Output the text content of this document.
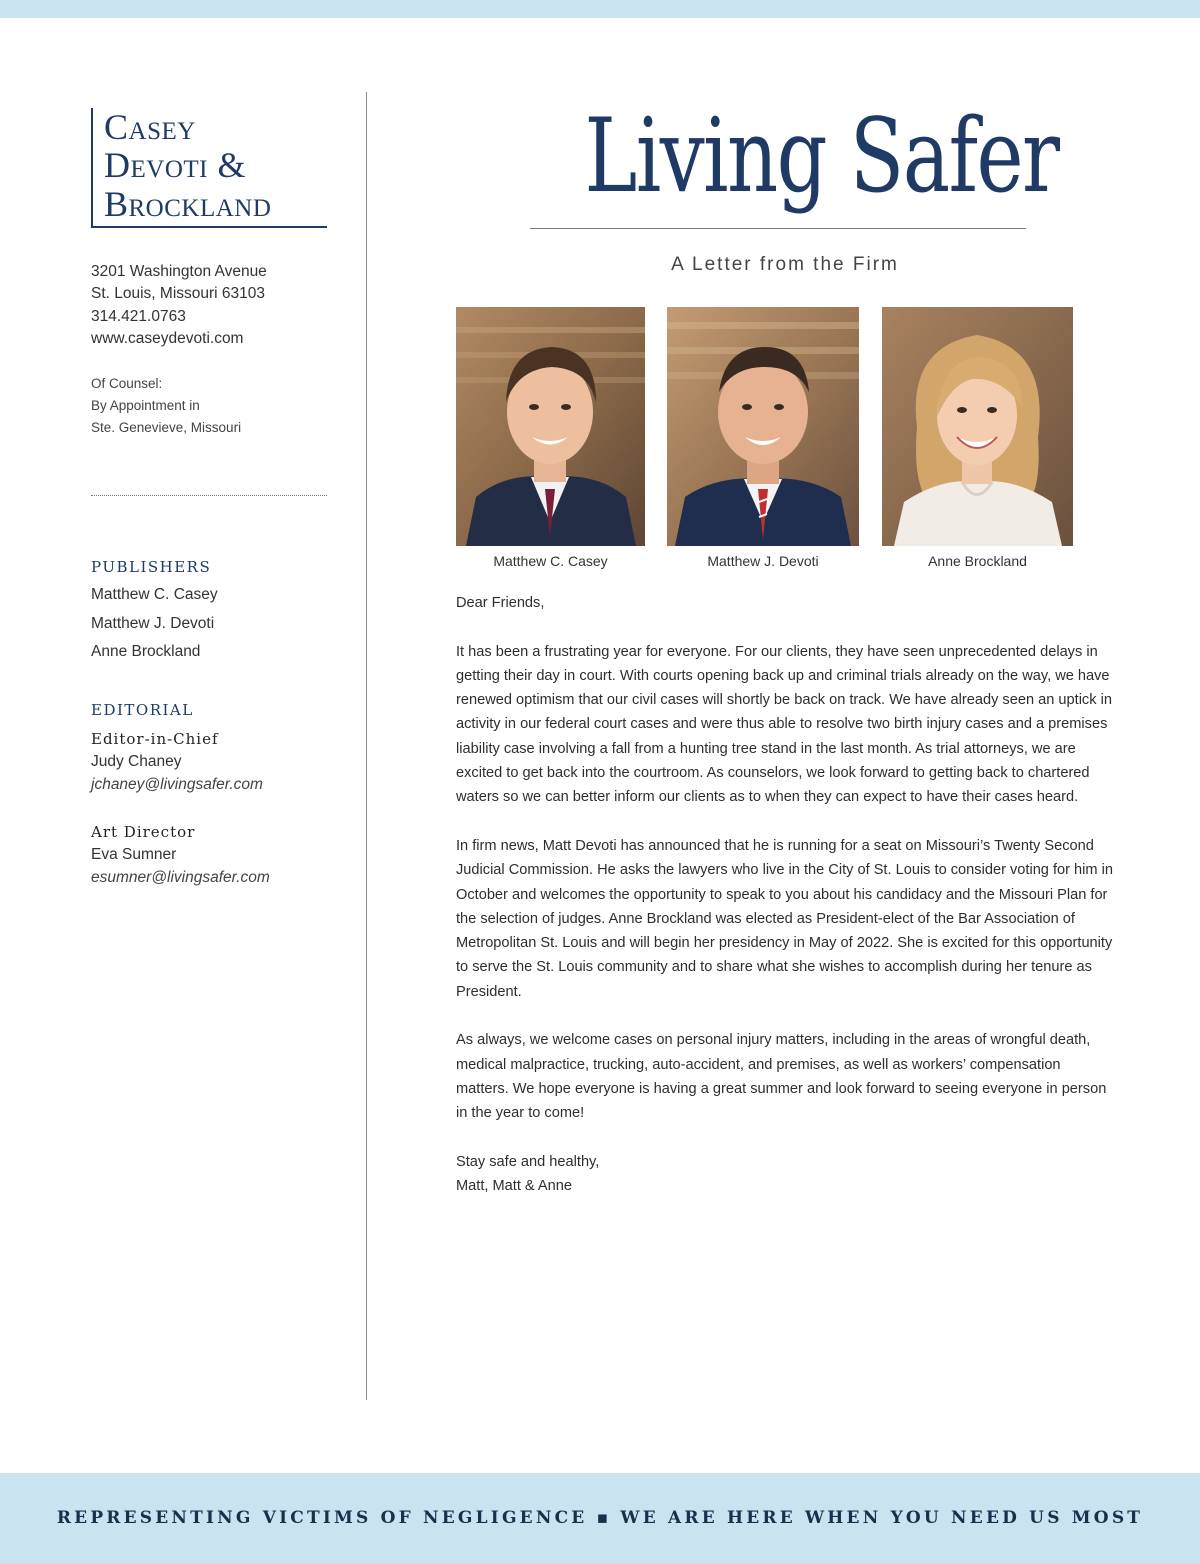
Casey
Devoti &
Brockland
3201 Washington Avenue
St. Louis, Missouri 63103
314.421.0763
www.caseydevoti.com
Of Counsel:
By Appointment in
Ste. Genevieve, Missouri
PUBLISHERS
Matthew C. Casey
Matthew J. Devoti
Anne Brockland
EDITORIAL
Editor-in-Chief
Judy Chaney
jchaney@livingsafer.com
Art Director
Eva Sumner
esumner@livingsafer.com
Living Safer
A Letter from the Firm
Matthew C. Casey	Matthew J. Devoti	Anne Brockland

Dear Friends,

It has been a frustrating year for everyone. For our clients, they have seen unprecedented delays in getting their day in court. With courts opening back up and criminal trials already on the way, we have renewed optimism that our civil cases will shortly be back on track. We have already seen an uptick in activity in our federal court cases and were thus able to resolve two birth injury cases and a premises liability case involving a fall from a hunting tree stand in the last month. As trial attorneys, we are excited to get back into the courtroom. As counselors, we look forward to getting back to chartered waters so we can better inform our clients as to when they can expect to have their cases heard.

In firm news, Matt Devoti has announced that he is running for a seat on Missouri’s Twenty Second Judicial Commission. He asks the lawyers who live in the City of St. Louis to consider voting for him in October and welcomes the opportunity to speak to you about his candidacy and the Missouri Plan for the selection of judges. Anne Brockland was elected as President-elect of the Bar Association of Metropolitan St. Louis and will begin her presidency in May of 2022. She is excited for this opportunity to serve the St. Louis community and to share what she wishes to accomplish during her tenure as President.

As always, we welcome cases on personal injury matters, including in the areas of wrongful death, medical malpractice, trucking, auto-accident, and premises, as well as workers’ compensation matters. We hope everyone is having a great summer and look forward to seeing everyone in person in the year to come!

Stay safe and healthy,
Matt, Matt & Anne
REPRESENTING VICTIMS OF NEGLIGENCE ▪ WE ARE HERE WHEN YOU NEED US MOST
